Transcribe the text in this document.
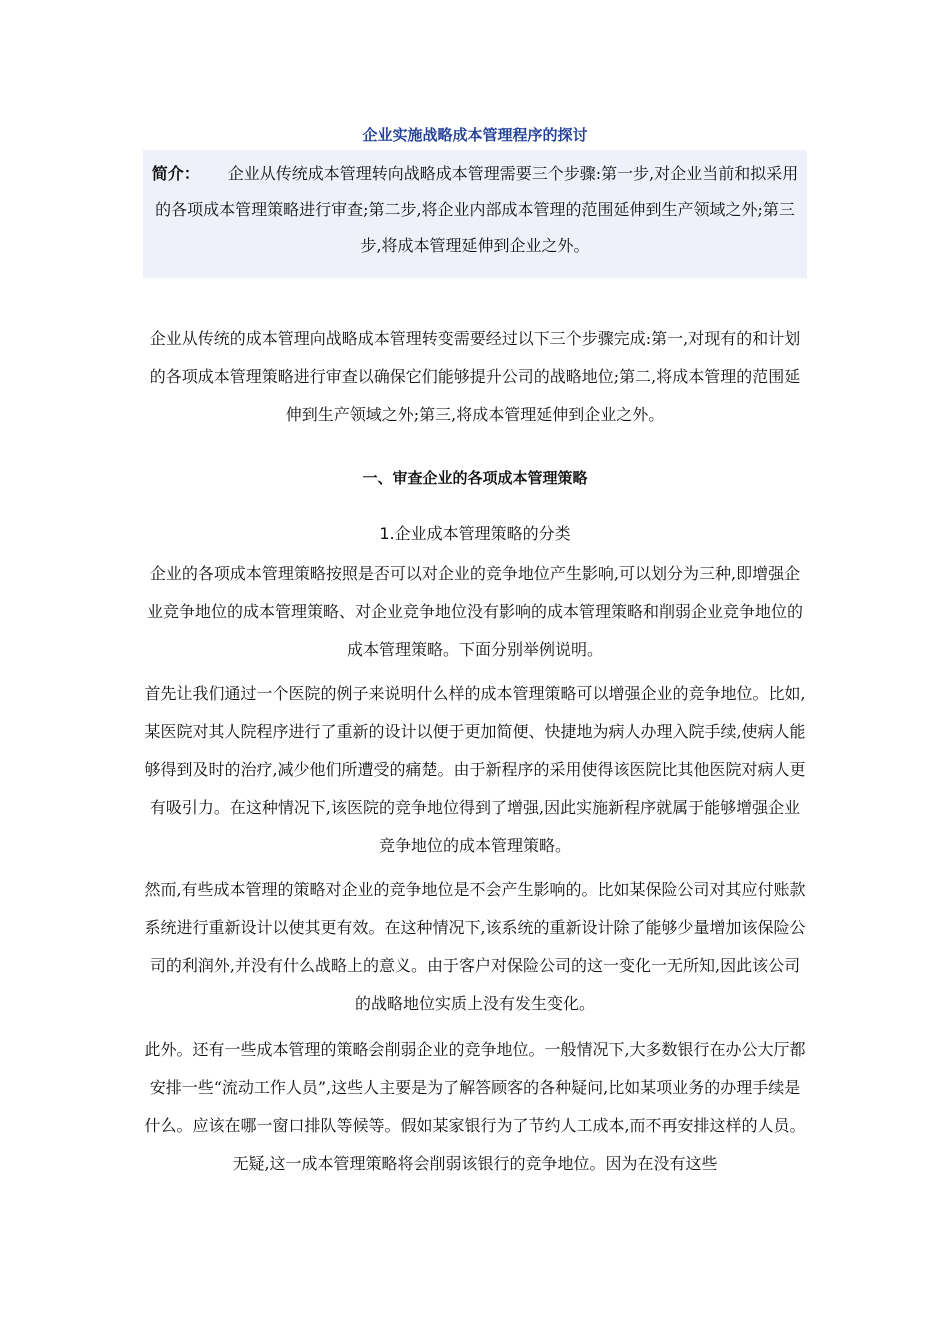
企业实施战略成本管理程序的探讨
简介： 企业从传统成本管理转向战略成本管理需要三个步骤:第一步,对企业当前和拟采用的各项成本管理策略进行审查;第二步,将企业内部成本管理的范围延伸到生产领域之外;第三步,将成本管理延伸到企业之外。
企业从传统的成本管理向战略成本管理转变需要经过以下三个步骤完成:第一,对现有的和计划的各项成本管理策略进行审查以确保它们能够提升公司的战略地位;第二,将成本管理的范围延伸到生产领域之外;第三,将成本管理延伸到企业之外。
一、审查企业的各项成本管理策略
1.企业成本管理策略的分类
企业的各项成本管理策略按照是否可以对企业的竞争地位产生影响,可以划分为三种,即增强企业竞争地位的成本管理策略、对企业竞争地位没有影响的成本管理策略和削弱企业竞争地位的成本管理策略。下面分别举例说明。
首先让我们通过一个医院的例子来说明什么样的成本管理策略可以增强企业的竞争地位。比如,某医院对其人院程序进行了重新的设计以便于更加简便、快捷地为病人办理入院手续,使病人能够得到及时的治疗,减少他们所遭受的痛楚。由于新程序的采用使得该医院比其他医院对病人更有吸引力。在这种情况下,该医院的竞争地位得到了增强,因此实施新程序就属于能够增强企业竞争地位的成本管理策略。
然而,有些成本管理的策略对企业的竞争地位是不会产生影响的。比如某保险公司对其应付账款系统进行重新设计以使其更有效。在这种情况下,该系统的重新设计除了能够少量增加该保险公司的利润外,并没有什么战略上的意义。由于客户对保险公司的这一变化一无所知,因此该公司的战略地位实质上没有发生变化。
此外。还有一些成本管理的策略会削弱企业的竞争地位。一般情况下,大多数银行在办公大厅都安排一些“流动工作人员”,这些人主要是为了解答顾客的各种疑问,比如某项业务的办理手续是什么。应该在哪一窗口排队等候等。假如某家银行为了节约人工成本,而不再安排这样的人员。无疑,这一成本管理策略将会削弱该银行的竞争地位。因为在没有这些
